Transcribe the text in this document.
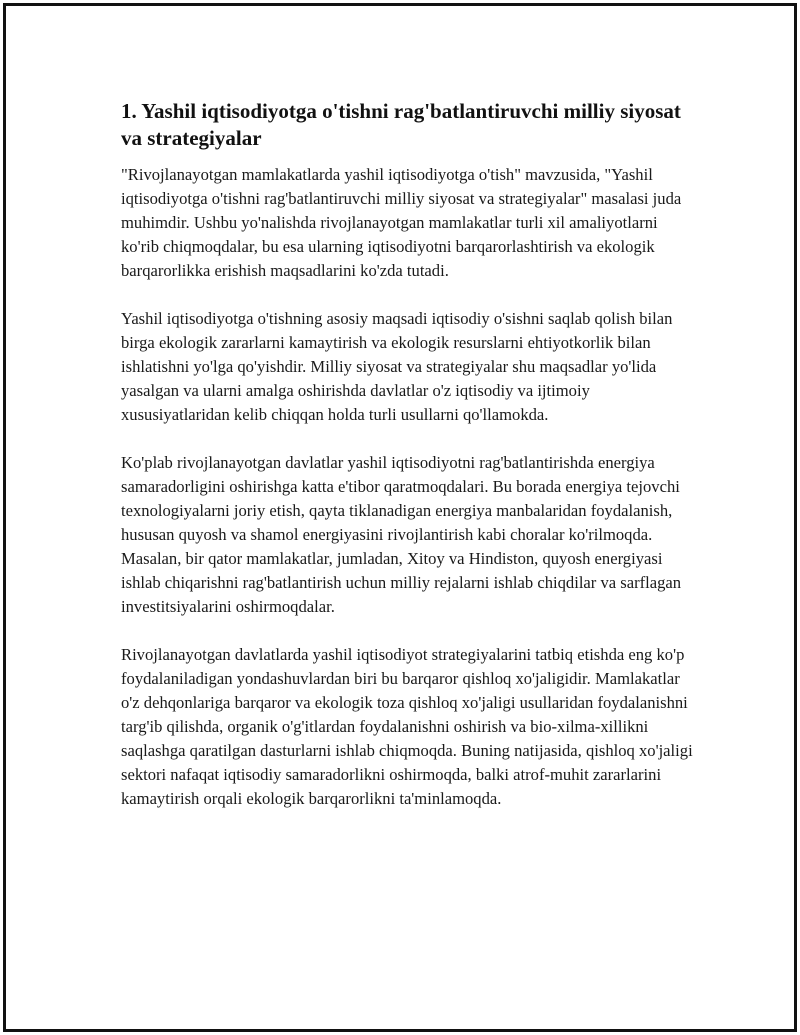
1. Yashil iqtisodiyotga o'tishni rag'batlantiruvchi milliy siyosat va strategiyalar

"Rivojlanayotgan mamlakatlarda yashil iqtisodiyotga o'tish" mavzusida, "Yashil iqtisodiyotga o'tishni rag'batlantiruvchi milliy siyosat va strategiyalar" masalasi juda muhimdir. Ushbu yo'nalishda rivojlanayotgan mamlakatlar turli xil amaliyotlarni ko'rib chiqmoqdalar, bu esa ularning iqtisodiyotni barqarorlashtirish va ekologik barqarorlikka erishish maqsadlarini ko'zda tutadi.

Yashil iqtisodiyotga o'tishning asosiy maqsadi iqtisodiy o'sishni saqlab qolish bilan birga ekologik zararlarni kamaytirish va ekologik resurslarni ehtiyotkorlik bilan ishlatishni yo'lga qo'yishdir. Milliy siyosat va strategiyalar shu maqsadlar yo'lida yasalgan va ularni amalga oshirishda davlatlar o'z iqtisodiy va ijtimoiy xususiyatlaridan kelib chiqqan holda turli usullarni qo'llamokda.

Ko'plab rivojlanayotgan davlatlar yashil iqtisodiyotni rag'batlantirishda energiya samaradorligini oshirishga katta e'tibor qaratmoqdalari. Bu borada energiya tejovchi texnologiyalarni joriy etish, qayta tiklanadigan energiya manbalaridan foydalanish, hususan quyosh va shamol energiyasini rivojlantirish kabi choralar ko'rilmoqda. Masalan, bir qator mamlakatlar, jumladan, Xitoy va Hindiston, quyosh energiyasi ishlab chiqarishni rag'batlantirish uchun milliy rejalarni ishlab chiqdilar va sarflagan investitsiyalarini oshirmoqdalar.

Rivojlanayotgan davlatlarda yashil iqtisodiyot strategiyalarini tatbiq etishda eng ko'p foydalaniladigan yondashuvlardan biri bu barqaror qishloq xo'jaligidir. Mamlakatlar o'z dehqonlariga barqaror va ekologik toza qishloq xo'jaligi usullaridan foydalanishni targ'ib qilishda, organik o'g'itlardan foydalanishni oshirish va bio-xilma-xillikni saqlashga qaratilgan dasturlarni ishlab chiqmoqda. Buning natijasida, qishloq xo'jaligi sektori nafaqat iqtisodiy samaradorlikni oshirmoqda, balki atrof-muhit zararlarini kamaytirish orqali ekologik barqarorlikni ta'minlamoqda.
